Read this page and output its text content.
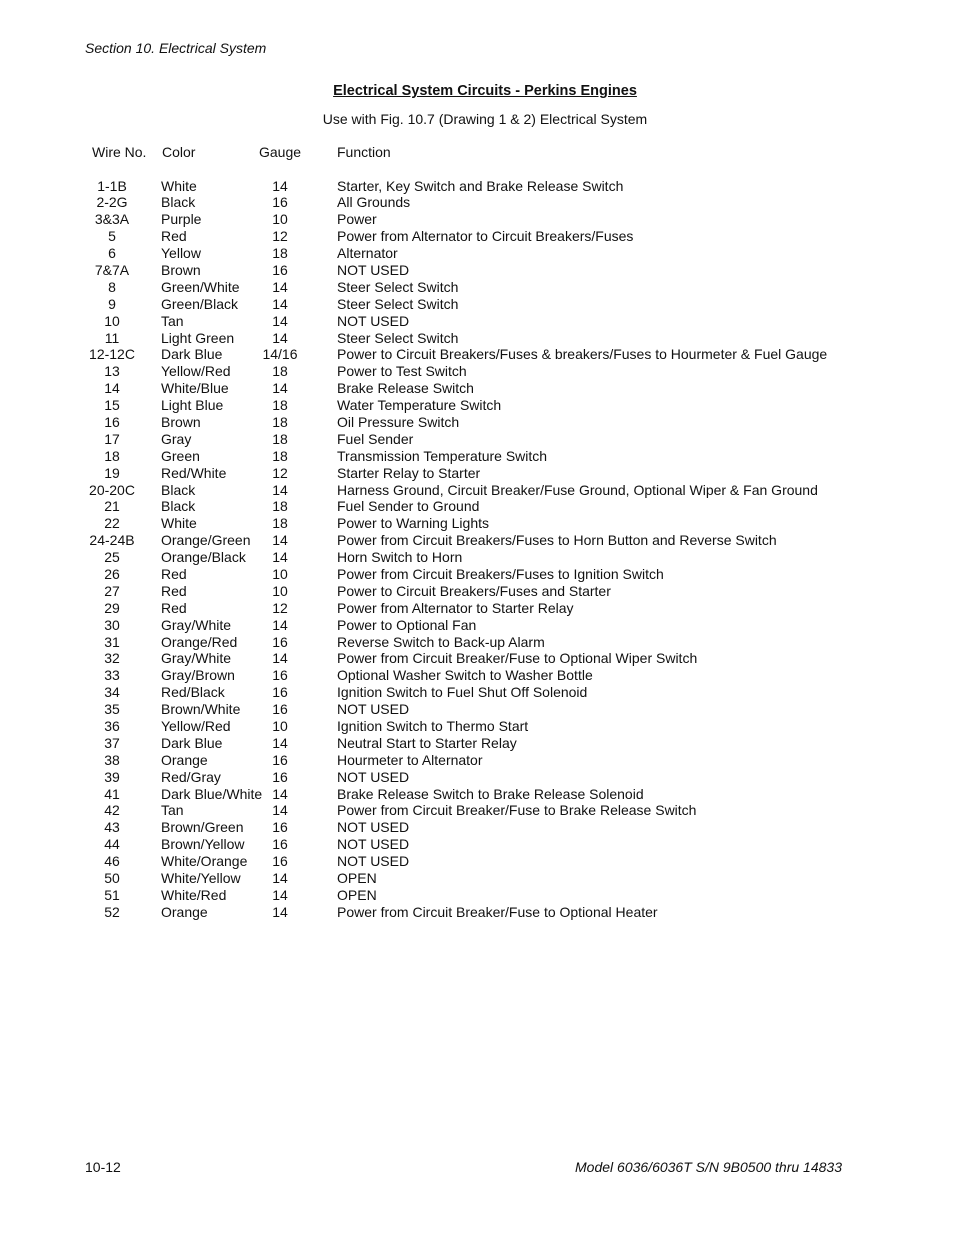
Section 10. Electrical System
Electrical System Circuits - Perkins Engines
Use with Fig. 10.7 (Drawing 1 & 2) Electrical System
Wire No. Color	Gauge	Function
1-1B	White	14	Starter, Key Switch and Brake Release Switch
2-2G	Black	16	All Grounds
3&3A	Purple	10	Power
5	Red	12	Power from Alternator to Circuit Breakers/Fuses
6	Yellow	18	Alternator
7&7A	Brown	16	NOT USED
8	Green/White	14	Steer Select Switch
9	Green/Black	14	Steer Select Switch
10	Tan	14	NOT USED
11	Light Green	14	Steer Select Switch
12-12C	Dark Blue	14/16	Power to Circuit Breakers/Fuses & breakers/Fuses to Hourmeter & Fuel Gauge
13	Yellow/Red	18	Power to Test Switch
14	White/Blue	14	Brake Release Switch
15	Light Blue	18	Water Temperature Switch
16	Brown	18	Oil Pressure Switch
17	Gray	18	Fuel Sender
18	Green	18	Transmission Temperature Switch
19	Red/White	12	Starter Relay to Starter
20-20C	Black	14	Harness Ground, Circuit Breaker/Fuse Ground, Optional Wiper & Fan Ground
21	Black	18	Fuel Sender to Ground
22	White	18	Power to Warning Lights
24-24B	Orange/Green	14	Power from Circuit Breakers/Fuses to Horn Button and Reverse Switch
25	Orange/Black	14	Horn Switch to Horn
26	Red	10	Power from Circuit Breakers/Fuses to Ignition Switch
27	Red	10	Power to Circuit Breakers/Fuses and Starter
29	Red	12	Power from Alternator to Starter Relay
30	Gray/White	14	Power to Optional Fan
31	Orange/Red	16	Reverse Switch to Back-up Alarm
32	Gray/White	14	Power from Circuit Breaker/Fuse to Optional Wiper Switch
33	Gray/Brown	16	Optional Washer Switch to Washer Bottle
34	Red/Black	16	Ignition Switch to Fuel Shut Off Solenoid
35	Brown/White	16	NOT USED
36	Yellow/Red	10	Ignition Switch to Thermo Start
37	Dark Blue	14	Neutral Start to Starter Relay
38	Orange	16	Hourmeter to Alternator
39	Red/Gray	16	NOT USED
41	Dark Blue/White 14	Brake Release Switch to Brake Release Solenoid
42	Tan	14	Power from Circuit Breaker/Fuse to Brake Release Switch
43	Brown/Green	16	NOT USED
44	Brown/Yellow	16	NOT USED
46	White/Orange	16	NOT USED
50	White/Yellow	14	OPEN
51	White/Red	14	OPEN
52	Orange	14	Power from Circuit Breaker/Fuse to Optional Heater
10-12	Model 6036/6036T S/N 9B0500 thru 14833
